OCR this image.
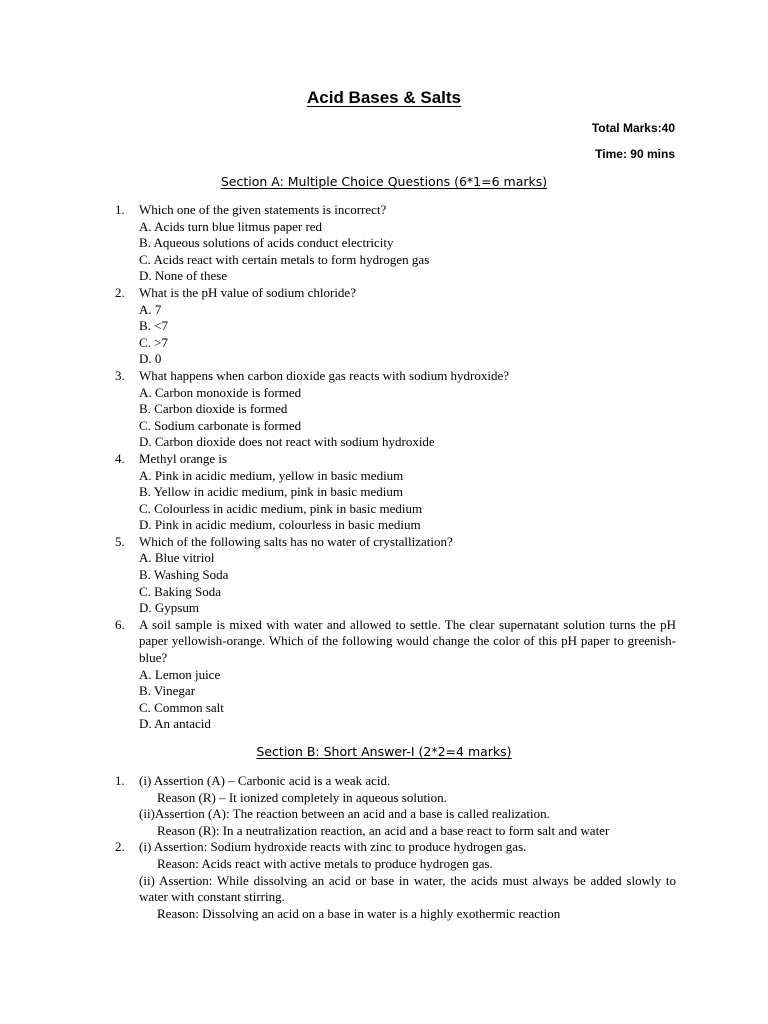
Acid Bases & Salts
Total Marks:40
Time: 90 mins
Section A: Multiple Choice Questions (6*1=6 marks)
1. Which one of the given statements is incorrect?
A. Acids turn blue litmus paper red
B. Aqueous solutions of acids conduct electricity
C. Acids react with certain metals to form hydrogen gas
D. None of these
2. What is the pH value of sodium chloride?
A. 7
B. <7
C. >7
D. 0
3. What happens when carbon dioxide gas reacts with sodium hydroxide?
A. Carbon monoxide is formed
B. Carbon dioxide is formed
C. Sodium carbonate is formed
D. Carbon dioxide does not react with sodium hydroxide
4. Methyl orange is
A. Pink in acidic medium, yellow in basic medium
B. Yellow in acidic medium, pink in basic medium
C. Colourless in acidic medium, pink in basic medium
D. Pink in acidic medium, colourless in basic medium
5. Which of the following salts has no water of crystallization?
A. Blue vitriol
B. Washing Soda
C. Baking Soda
D. Gypsum
6. A soil sample is mixed with water and allowed to settle. The clear supernatant solution turns the pH paper yellowish-orange. Which of the following would change the color of this pH paper to greenish-blue?
A. Lemon juice
B. Vinegar
C. Common salt
D. An antacid
Section B: Short Answer-I (2*2=4 marks)
1. (i) Assertion (A) – Carbonic acid is a weak acid.
Reason (R) – It ionized completely in aqueous solution.
(ii)Assertion (A): The reaction between an acid and a base is called realization.
Reason (R): In a neutralization reaction, an acid and a base react to form salt and water
2. (i) Assertion: Sodium hydroxide reacts with zinc to produce hydrogen gas.
Reason: Acids react with active metals to produce hydrogen gas.
(ii) Assertion: While dissolving an acid or base in water, the acids must always be added slowly to water with constant stirring.
Reason: Dissolving an acid on a base in water is a highly exothermic reaction
